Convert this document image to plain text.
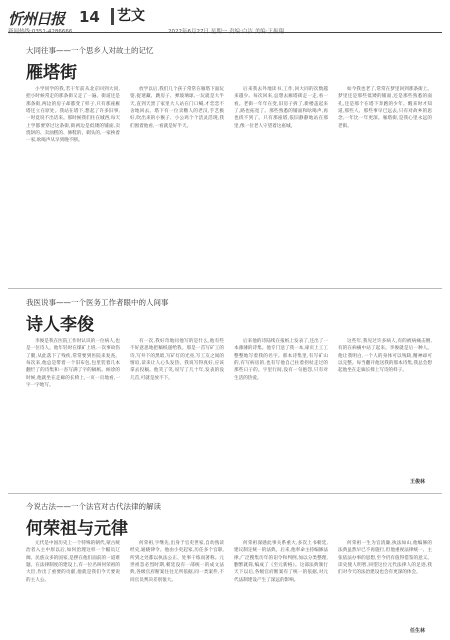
忻州日报 14	艺文
新闻热线:0351-4286666	2022年6月27日 星期一 责编:白洁 美编:王振翔
大同往事——一个思乡人对故土的记忆
雁塔街

小学同学的我,若干年前从北京回到大同,把小时候常走的那条街又走了一遍。街道还是那条街,两边的房子却都变了样子,只有那座雁塔还立在原处。我站在塔下,想起了许多旧事,一时竟说不出话来。那时候我们住在城西,每天上学都要穿过这条街,街两边是低矮的铺面,卖烧饼的、卖油糕的、修鞋的、剃头的,一家挨着一家,吆喝声从早到晚不断。

放学以后,我们几个孩子常常在雁塔下面玩耍,捉迷藏、跳房子、弹玻璃球,一玩就是大半天,直到天黑了家里大人站在门口喊,才恋恋不舍地回去。塔下有一位卖糖人的老汉,手艺极好,吹出来的小猴子、小公鸡个个活灵活现,我们围着他看,一看就是好半天。

后来我去外地读书,工作,回大同的次数越来越少。每次回来,总想去雁塔街走一走,看一看。老街一年年在变,旧房子拆了,新楼盖起来了,路也拓宽了。那些熟悉的铺面和吆喝声,再也找不到了。只有那座塔,依旧静静地站在那里,像一位老人守望着这座城。

如今我也老了,常常在梦里回到那条街上。梦里还是那些低矮的铺面,还是那些熟悉的面孔,还是那个在塔下奔跑的少年。醒来时才知道,那些人、那些事早已远去,只有对故乡的思念,一年比一年更深。雁塔街,是我心里永远的老街。

我医说事——一个医务工作者眼中的人间事
诗人李俊

李俊是我在医院工作时认识的一位病人,也是一位诗人。他年轻时在煤矿上班,一次事故伤了腿,从此落下了残疾,常常要到医院来复查。每次来,他总是带着一个旧布包,包里装着几本翻烂了的诗集和一沓写满了字的稿纸。候诊的时候,他就坐在走廊的长椅上,一页一页地看,一字一字地写。

有一次,我好奇地问他写的是什么,他有些不好意思地把稿纸递给我。那是一首写矿工的诗,写井下的黑暗,写矿灯的光亮,写工友之间的情谊,读来让人心头发热。我说写得真好,应该拿去投稿。他笑了笑,说写了几十年,发表的没几首,可就是放不下。

后来他的诗陆续在报纸上发表了,还出了一本薄薄的诗集。他专门送了我一本,扉页上工工整整地写着我的名字。那本诗集里,有写矿山的,有写病房的,也有写他自己拄着拐杖走过的那些日子的。字里行间,没有一句抱怨,只有对生活的热爱。

这些年,我见过许多病人,有的被病痛击倒,有的在病痛中站了起来。李俊就是后一种人。他让我明白,一个人的身体可以残缺,精神却可以完整。每当翻开他送我的那本诗集,我总会想起他坐在走廊长椅上写诗的样子。

王俊林
今说古法——一个法官对古代法律的解读
何荣祖与元律

元代是中国历史上一个特殊的朝代,蒙古统治者入主中原以后,如何治理这样一个幅员辽阔、民族众多的国家,是摆在他们面前的一道难题。在法律制度的建设上,有一位名叫何荣祖的大臣,作出了重要的贡献,他就是我们今天要说的主人公。

何荣祖,字继先,出身于官吏世家,自幼熟读经史,通晓律令。他由小吏起家,历任多个官职,所到之处都以执法公正、处事干练而著称。元世祖忽必烈时期,朝廷没有一部统一的成文法典,各级官府断案往往无所依据,同一类案件,不同官员判决差别很大。

何荣祖深感此事关系重大,多次上书朝廷,建议制定统一的法典。后来,他奉命主持编修法律,广泛搜集历年的诏令和判例,加以分类整理,删繁就简,编成了《至元新格》。这部法典颁行天下以后,各级官府断案有了统一的依据,对元代法制建设产生了深远的影响。

何荣祖一生为官清廉,执法如山,他编修的法典虽然早已不再施行,但他重视法律统一、主张依法办事的思想,至今仍有值得借鉴的意义。读史使人明智,回望这位元代法律人的足迹,我们对今天的法治建设也会有更深的体会。

任生林
